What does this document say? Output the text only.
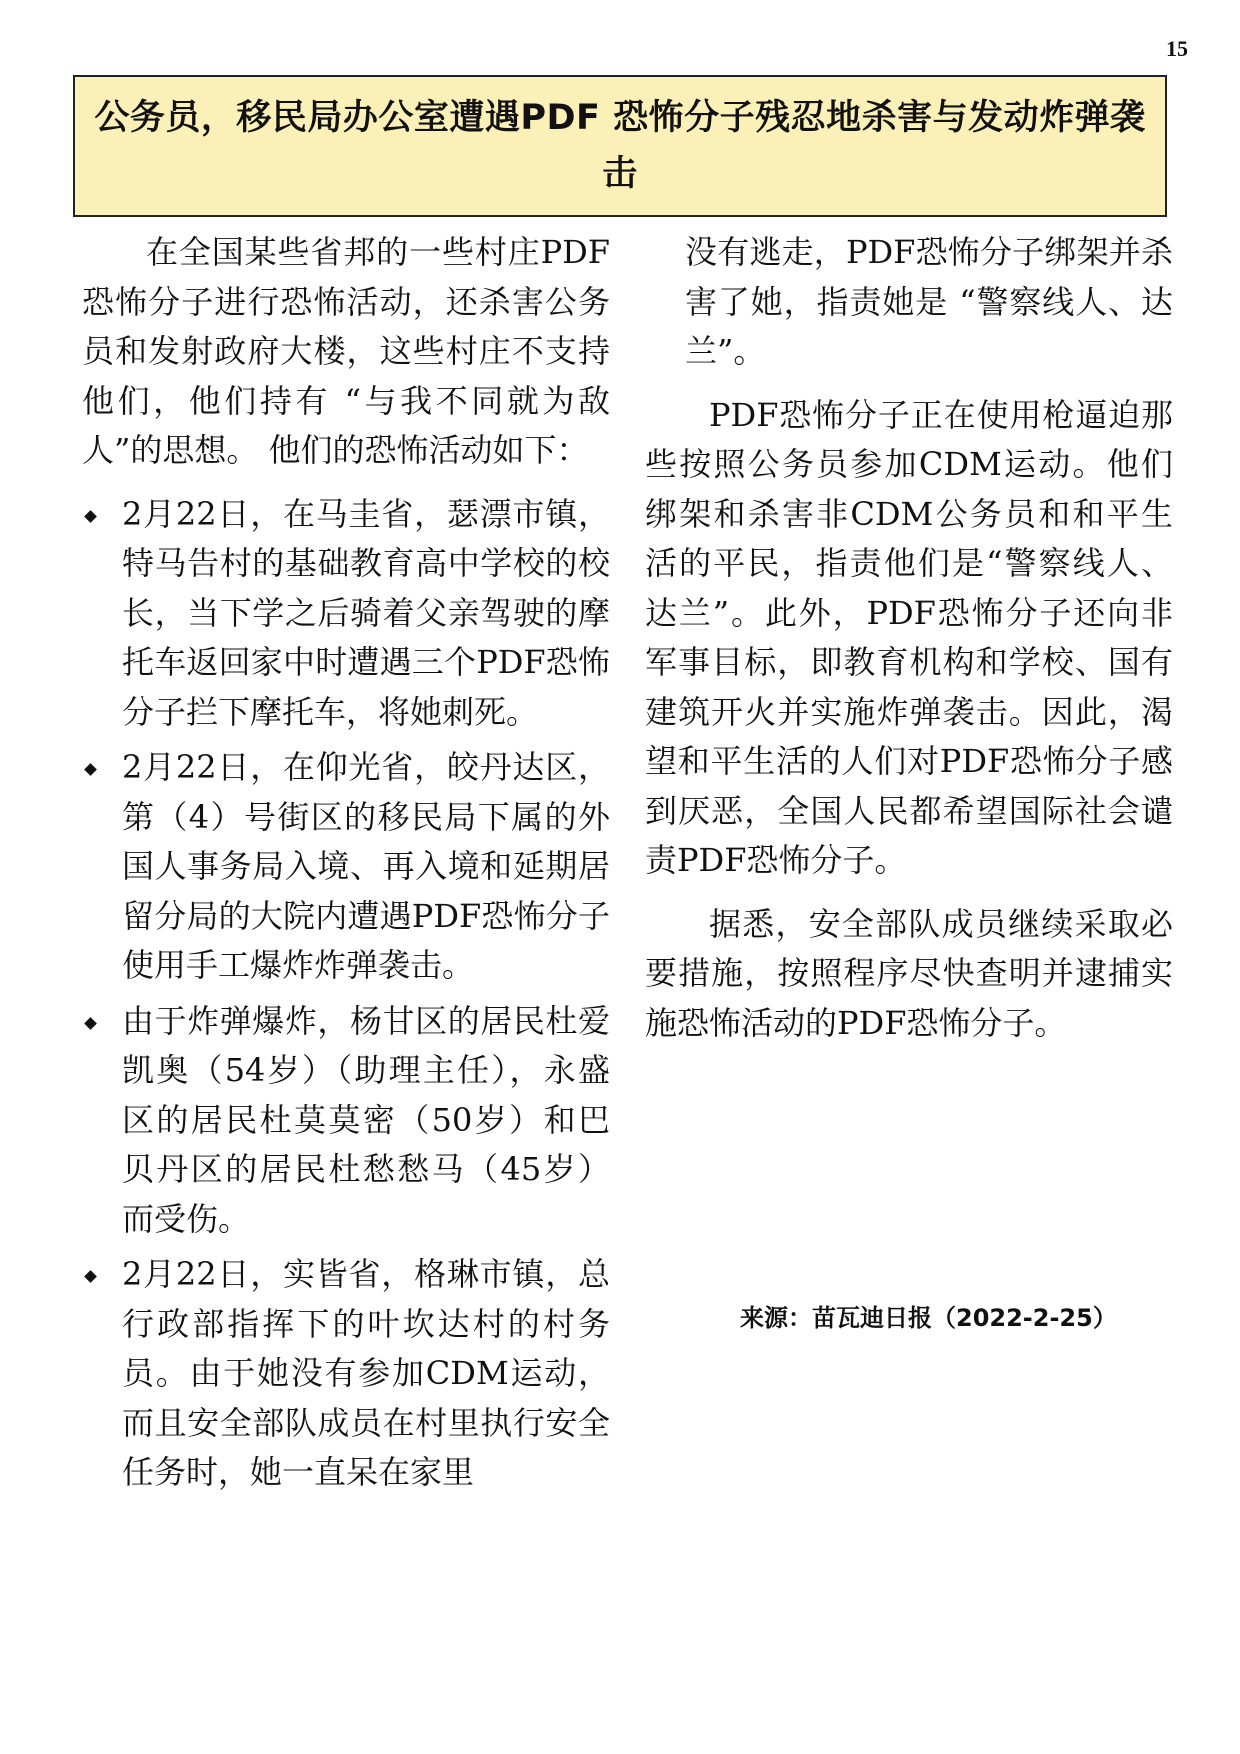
15
公务员，移民局办公室遭遇PDF 恐怖分子残忍地杀害与发动炸弹袭击

在全国某些省邦的一些村庄PDF恐怖分子进行恐怖活动，还杀害公务员和发射政府大楼，这些村庄不支持他们，他们持有 “与我不同就为敌人”的思想。 他们的恐怖活动如下：

2月22日，在马圭省，瑟漂市镇，特马告村的基础教育高中学校的校长，当下学之后骑着父亲驾驶的摩托车返回家中时遭遇三个PDF恐怖分子拦下摩托车，将她刺死。
2月22日，在仰光省，皎丹达区，第（4）号街区的移民局下属的外国人事务局入境、再入境和延期居留分局的大院内遭遇PDF恐怖分子使用手工爆炸炸弹袭击。
由于炸弹爆炸，杨甘区的居民杜爱凯奥（54岁）（助理主任），永盛区的居民杜莫莫密（50岁）和巴贝丹区的居民杜愁愁马（45岁）而受伤。
2月22日，实皆省，格琳市镇，总行政部指挥下的叶坎达村的村务员。由于她没有参加CDM运动，而且安全部队成员在村里执行安全任务时，她一直呆在家里

没有逃走，PDF恐怖分子绑架并杀害了她，指责她是 “警察线人、达兰”。

PDF恐怖分子正在使用枪逼迫那些按照公务员参加CDM运动。他们绑架和杀害非CDM公务员和和平生活的平民，指责他们是“警察线人、达兰”。此外，PDF恐怖分子还向非军事目标，即教育机构和学校、国有建筑开火并实施炸弹袭击。因此，渴望和平生活的人们对PDF恐怖分子感到厌恶，全国人民都希望国际社会谴责PDF恐怖分子。

据悉，安全部队成员继续采取必要措施，按照程序尽快查明并逮捕实施恐怖活动的PDF恐怖分子。

来源：苗瓦迪日报（2022-2-25）
